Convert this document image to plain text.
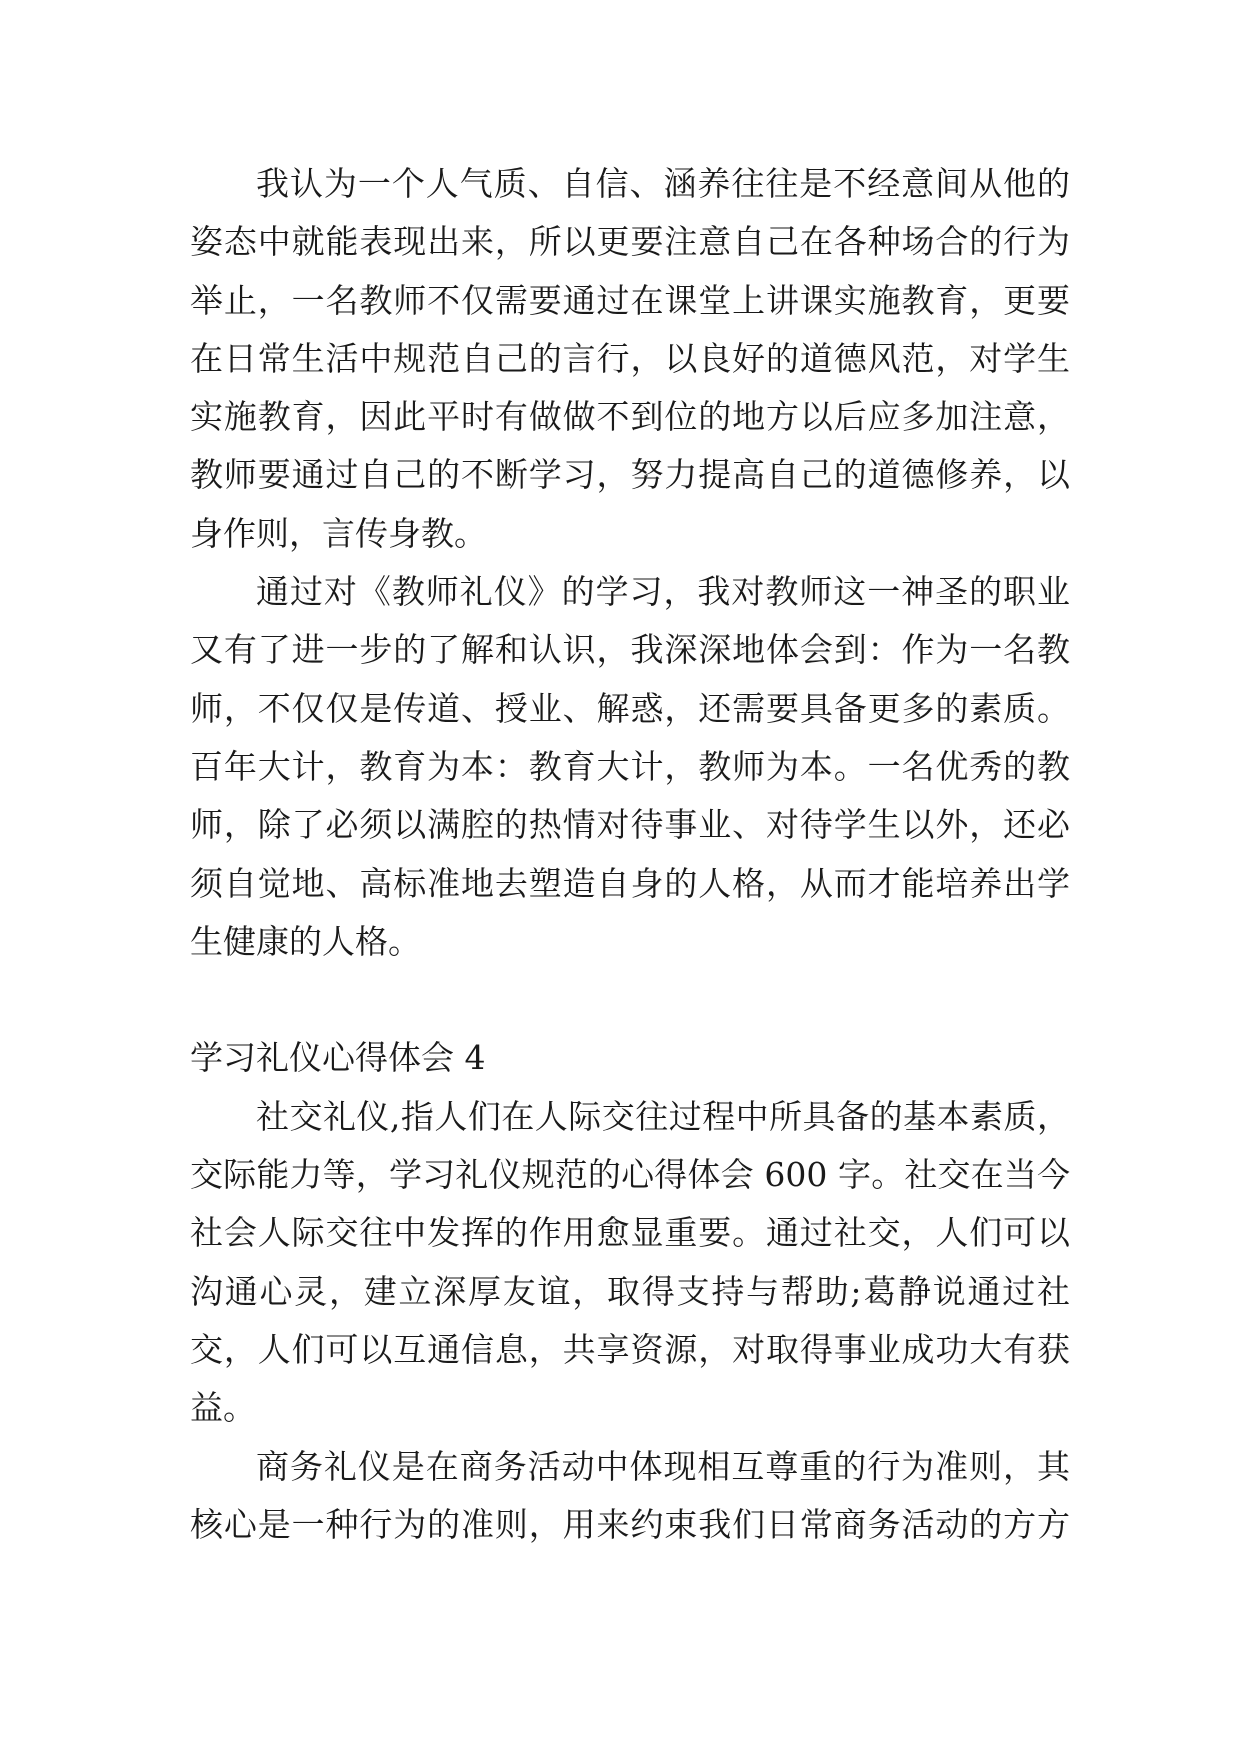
我认为一个人气质、自信、涵养往往是不经意间从他的
姿态中就能表现出来，所以更要注意自己在各种场合的行为
举止，一名教师不仅需要通过在课堂上讲课实施教育，更要
在日常生活中规范自己的言行，以良好的道德风范，对学生
实施教育，因此平时有做做不到位的地方以后应多加注意，
教师要通过自己的不断学习，努力提高自己的道德修养，以
身作则，言传身教。
通过对《教师礼仪》的学习，我对教师这一神圣的职业
又有了进一步的了解和认识，我深深地体会到：作为一名教
师，不仅仅是传道、授业、解惑，还需要具备更多的素质。
百年大计，教育为本：教育大计，教师为本。一名优秀的教
师，除了必须以满腔的热情对待事业、对待学生以外，还必
须自觉地、高标准地去塑造自身的人格，从而才能培养出学
生健康的人格。
学习礼仪心得体会 4
社交礼仪,指人们在人际交往过程中所具备的基本素质，
交际能力等，学习礼仪规范的心得体会 600 字。社交在当今
社会人际交往中发挥的作用愈显重要。通过社交，人们可以
沟通心灵，建立深厚友谊，取得支持与帮助;葛静说通过社
交，人们可以互通信息，共享资源，对取得事业成功大有获
益。
商务礼仪是在商务活动中体现相互尊重的行为准则，其
核心是一种行为的准则，用来约束我们日常商务活动的方方
